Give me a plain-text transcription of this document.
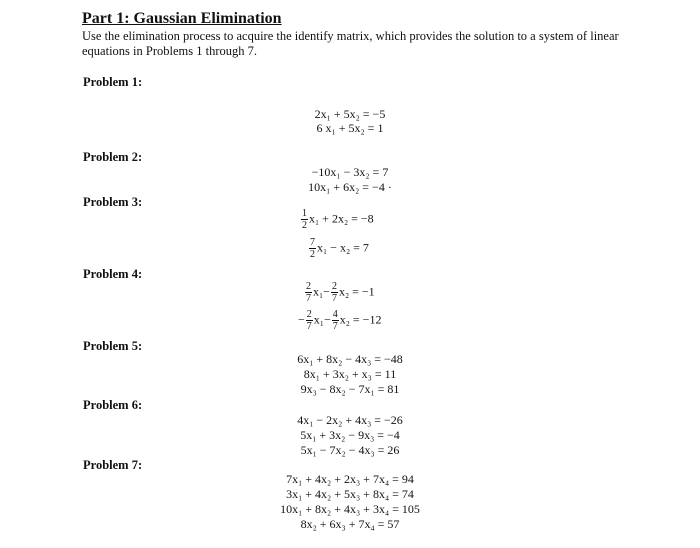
Part 1: Gaussian Elimination
Use the elimination process to acquire the identify matrix, which provides the solution to a system of linear equations in Problems 1 through 7.
Problem 1:
2x₁ + 5x₂ = −5
6 x₁ + 5x₂ = 1
Problem 2:
−10x₁ − 3x₂ = 7
10x₁ + 6x₂ = −4 ·
Problem 3:
$\frac{1}{2} x_1 + 2x_2 = -8$
$\frac{7}{2} x_1 - x_2 = 7$
Problem 4:
$\frac{2}{7} x_1- \frac{2}{7} x_2 = -1$
− $\frac{2}{7} x_1- \frac{4}{7} x_2 = -12$
Problem 5:
6x₁ + 8x₂ − 4x₃ = −48
8x₁ + 3x₂ + x₃ = 11
9x₃ − 8x₂ − 7x₁ = 81
Problem 6:
4x₁ − 2x₂ + 4x₃ = −26
5x₁ + 3x₂ − 9x₃ = −4
5x₁ − 7x₂ − 4x₃ = 26
Problem 7:
7x₁ + 4x₂ + 2x₃ + 7x₄ = 94
3x₁ + 4x₂ + 5x₃ + 8x₄ = 74
10x₁ + 8x₂ + 4x₃ + 3x₄ = 105
8x₂ + 6x₃ + 7x₄ = 57
